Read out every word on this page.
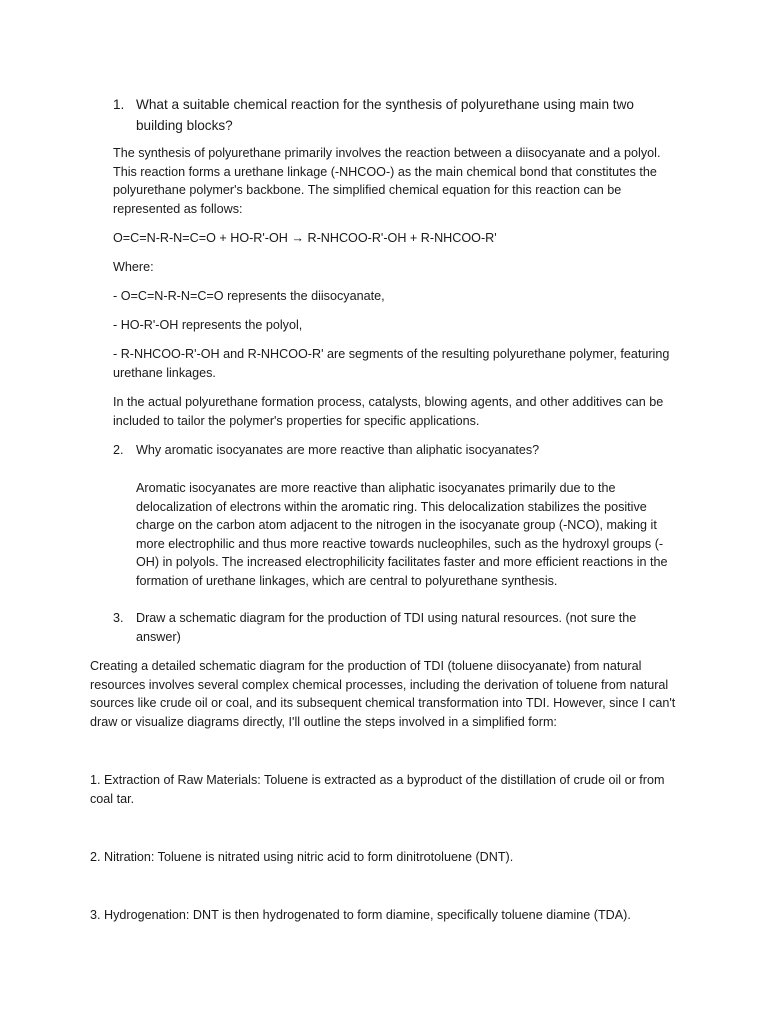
1. What a suitable chemical reaction for the synthesis of polyurethane using main two building blocks?

The synthesis of polyurethane primarily involves the reaction between a diisocyanate and a polyol. This reaction forms a urethane linkage (-NHCOO-) as the main chemical bond that constitutes the polyurethane polymer's backbone. The simplified chemical equation for this reaction can be represented as follows:

O=C=N-R-N=C=O + HO-R'-OH → R-NHCOO-R'-OH + R-NHCOO-R'

Where:

- O=C=N-R-N=C=O represents the diisocyanate,

- HO-R'-OH represents the polyol,

- R-NHCOO-R'-OH and R-NHCOO-R' are segments of the resulting polyurethane polymer, featuring urethane linkages.

In the actual polyurethane formation process, catalysts, blowing agents, and other additives can be included to tailor the polymer's properties for specific applications.

2. Why aromatic isocyanates are more reactive than aliphatic isocyanates?

Aromatic isocyanates are more reactive than aliphatic isocyanates primarily due to the delocalization of electrons within the aromatic ring. This delocalization stabilizes the positive charge on the carbon atom adjacent to the nitrogen in the isocyanate group (-NCO), making it more electrophilic and thus more reactive towards nucleophiles, such as the hydroxyl groups (-OH) in polyols. The increased electrophilicity facilitates faster and more efficient reactions in the formation of urethane linkages, which are central to polyurethane synthesis.

3. Draw a schematic diagram for the production of TDI using natural resources. (not sure the answer)

Creating a detailed schematic diagram for the production of TDI (toluene diisocyanate) from natural resources involves several complex chemical processes, including the derivation of toluene from natural sources like crude oil or coal, and its subsequent chemical transformation into TDI. However, since I can't draw or visualize diagrams directly, I'll outline the steps involved in a simplified form:

1. Extraction of Raw Materials: Toluene is extracted as a byproduct of the distillation of crude oil or from coal tar.

2. Nitration: Toluene is nitrated using nitric acid to form dinitrotoluene (DNT).

3. Hydrogenation: DNT is then hydrogenated to form diamine, specifically toluene diamine (TDA).
